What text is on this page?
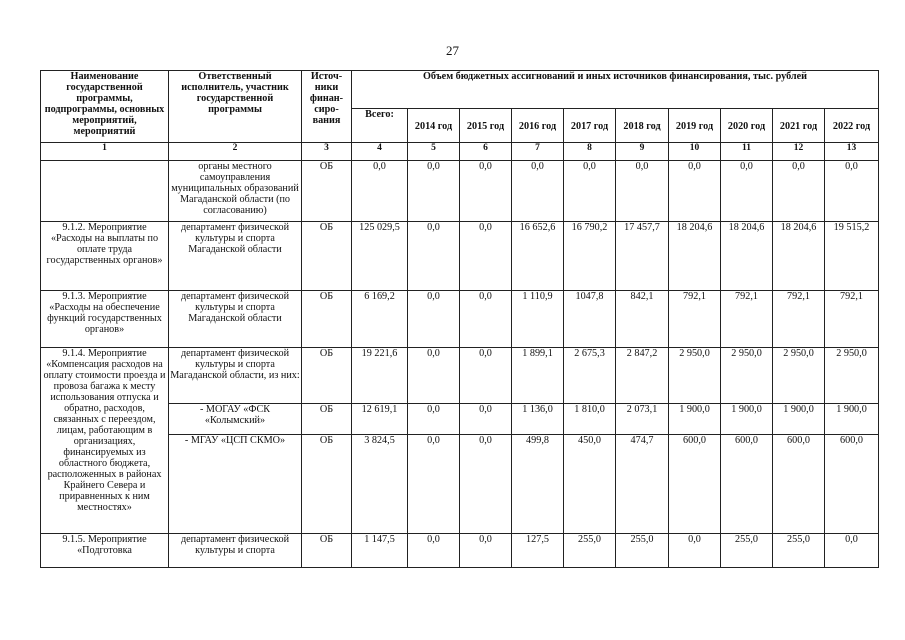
27
Наименование государственной программы, подпрограммы, основных мероприятий, мероприятий	Ответственный исполнитель, участник государственной программы	Источ-ники финан-сиро-вания	Объем бюджетных ассигнований и иных источников финансирования, тыс. рублей									
			Всего:	2014 год	2015 год	2016 год	2017 год	2018 год	2019 год	2020 год	2021 год	2022 год
1	2	3	4	5	6	7	8	9	10	11	12	13
	органы местного самоуправления муниципальных образований Магаданской области (по согласованию)	ОБ	0,0	0,0	0,0	0,0	0,0	0,0	0,0	0,0	0,0	0,0
9.1.2. Мероприятие «Расходы на выплаты по оплате труда государственных органов»	департамент физической культуры и спорта Магаданской области	ОБ	125 029,5	0,0	0,0	16 652,6	16 790,2	17 457,7	18 204,6	18 204,6	18 204,6	19 515,2
9.1.3. Мероприятие «Расходы на обеспечение функций государственных органов»	департамент физической культуры и спорта Магаданской области	ОБ	6 169,2	0,0	0,0	1 110,9	1047,8	842,1	792,1	792,1	792,1	792,1
9.1.4. Мероприятие «Компенсация расходов на оплату стоимости проезда и провоза багажа к месту использования отпуска и обратно, расходов, связанных с переездом, лицам, работающим в организациях, финансируемых из областного бюджета, расположенных в районах Крайнего Севера и приравненных к ним местностях»	департамент физической культуры и спорта Магаданской области, из них:	ОБ	19 221,6	0,0	0,0	1 899,1	2 675,3	2 847,2	2 950,0	2 950,0	2 950,0	2 950,0
	- МОГАУ «ФСК «Колымский»	ОБ	12 619,1	0,0	0,0	1 136,0	1 810,0	2 073,1	1 900,0	1 900,0	1 900,0	1 900,0
	- МГАУ «ЦСП СКМО»	ОБ	3 824,5	0,0	0,0	499,8	450,0	474,7	600,0	600,0	600,0	600,0
9.1.5. Мероприятие «Подготовка	департамент физической культуры и спорта	ОБ	1 147,5	0,0	0,0	127,5	255,0	255,0	0,0	255,0	255,0	0,0
